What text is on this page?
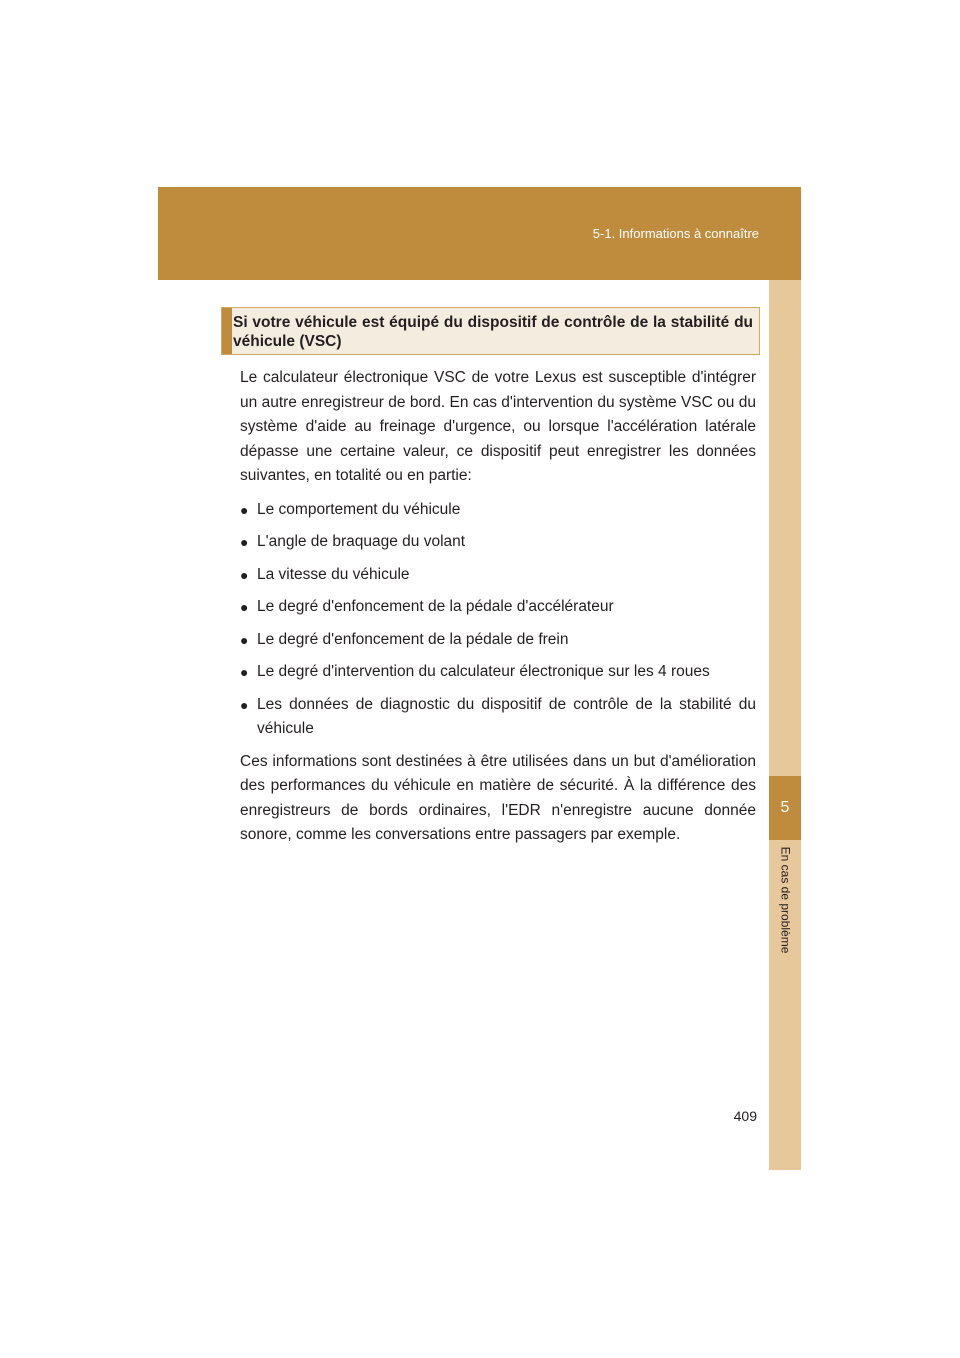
5-1. Informations à connaître
5
En cas de problème
Si votre véhicule est équipé du dispositif de contrôle de la stabilité du véhicule (VSC)

Le calculateur électronique VSC de votre Lexus est susceptible d'intégrer un autre enregistreur de bord. En cas d'intervention du système VSC ou du système d'aide au freinage d'urgence, ou lorsque l'accélération latérale dépasse une certaine valeur, ce dispositif peut enregistrer les données suivantes, en totalité ou en partie:

● Le comportement du véhicule
● L'angle de braquage du volant
● La vitesse du véhicule
● Le degré d'enfoncement de la pédale d'accélérateur
● Le degré d'enfoncement de la pédale de frein
● Le degré d'intervention du calculateur électronique sur les 4 roues
● Les données de diagnostic du dispositif de contrôle de la stabilité du véhicule

Ces informations sont destinées à être utilisées dans un but d'amélioration des performances du véhicule en matière de sécurité. À la différence des enregistreurs de bords ordinaires, l'EDR n'enregistre aucune donnée sonore, comme les conversations entre passagers par exemple.

409
